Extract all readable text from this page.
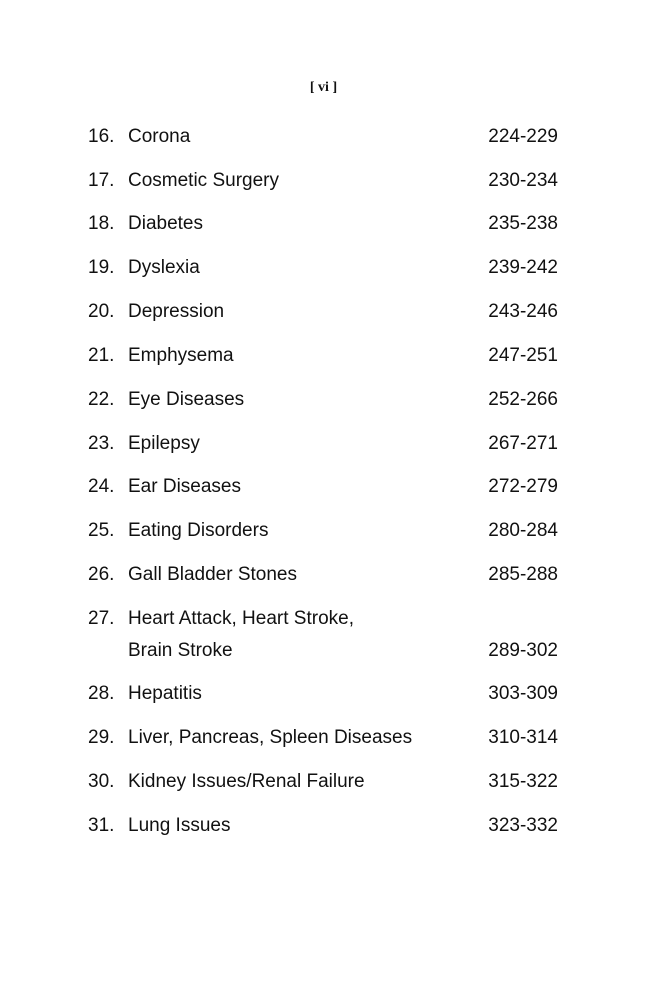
[ vi ]
16. Corona	224-229
17. Cosmetic Surgery	230-234
18. Diabetes	235-238
19. Dyslexia	239-242
20. Depression	243-246
21. Emphysema	247-251
22. Eye Diseases	252-266
23. Epilepsy	267-271
24. Ear Diseases	272-279
25. Eating Disorders	280-284
26. Gall Bladder Stones	285-288
27. Heart Attack, Heart Stroke,
Brain Stroke	289-302
28. Hepatitis	303-309
29. Liver, Pancreas, Spleen Diseases	310-314
30. Kidney Issues/Renal Failure	315-322
31. Lung Issues	323-332
